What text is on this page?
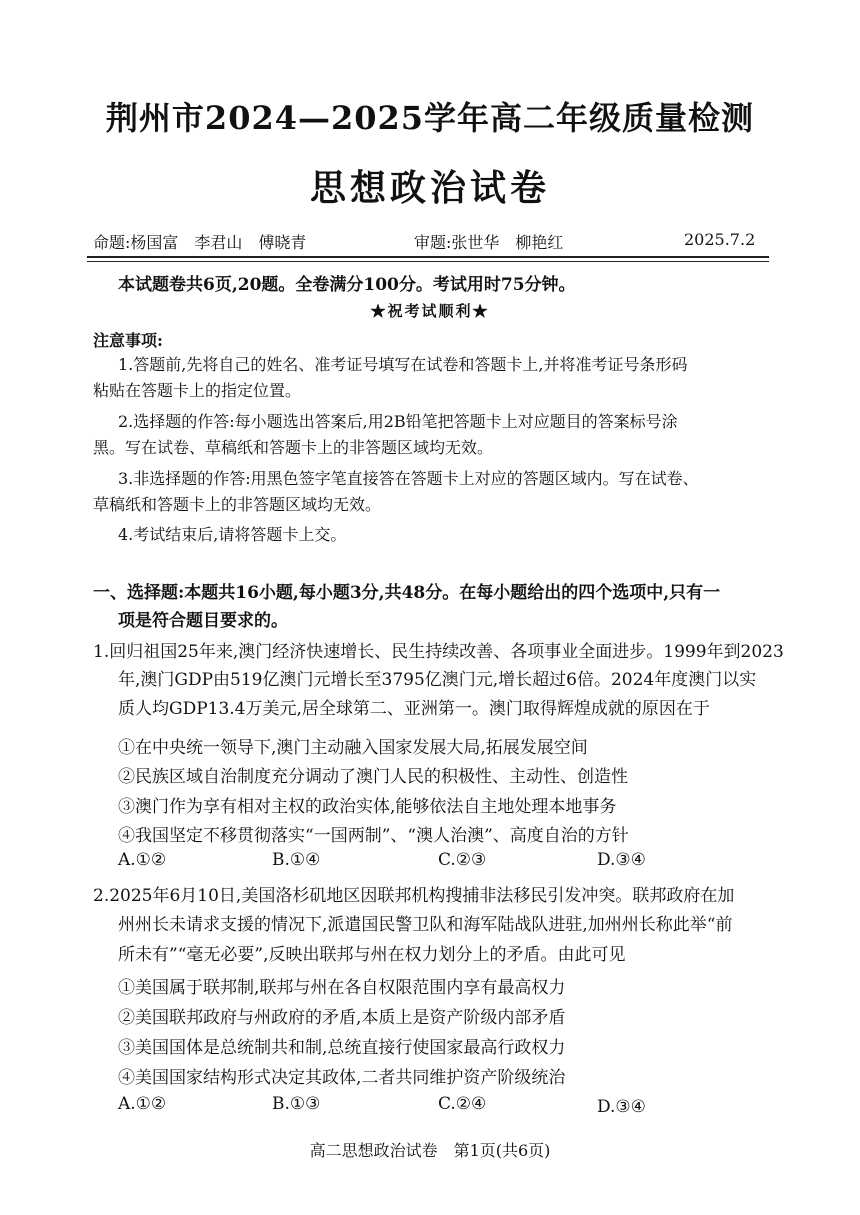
荆州市2024—2025学年高二年级质量检测
思想政治试卷
命题:杨国富　李君山　傅晓青	审题:张世华　柳艳红	2025.7.2
本试题卷共6页,20题。全卷满分100分。考试用时75分钟。
★祝考试顺利★
注意事项:
1.答题前,先将自己的姓名、准考证号填写在试卷和答题卡上,并将准考证号条形码
粘贴在答题卡上的指定位置。
2.选择题的作答:每小题选出答案后,用2B铅笔把答题卡上对应题目的答案标号涂
黑。写在试卷、草稿纸和答题卡上的非答题区域均无效。
3.非选择题的作答:用黑色签字笔直接答在答题卡上对应的答题区域内。写在试卷、
草稿纸和答题卡上的非答题区域均无效。
4.考试结束后,请将答题卡上交。
一、选择题:本题共16小题,每小题3分,共48分。在每小题给出的四个选项中,只有一
项是符合题目要求的。
1.回归祖国25年来,澳门经济快速增长、民生持续改善、各项事业全面进步。1999年到2023
年,澳门GDP由519亿澳门元增长至3795亿澳门元,增长超过6倍。2024年度澳门以实
质人均GDP13.4万美元,居全球第二、亚洲第一。澳门取得辉煌成就的原因在于
①在中央统一领导下,澳门主动融入国家发展大局,拓展发展空间
②民族区域自治制度充分调动了澳门人民的积极性、主动性、创造性
③澳门作为享有相对主权的政治实体,能够依法自主地处理本地事务
④我国坚定不移贯彻落实“一国两制”、“澳人治澳”、高度自治的方针
A.①②	B.①④	C.②③	D.③④
2.2025年6月10日,美国洛杉矶地区因联邦机构搜捕非法移民引发冲突。联邦政府在加
州州长未请求支援的情况下,派遣国民警卫队和海军陆战队进驻,加州州长称此举“前
所未有”“毫无必要”,反映出联邦与州在权力划分上的矛盾。由此可见
①美国属于联邦制,联邦与州在各自权限范围内享有最高权力
②美国联邦政府与州政府的矛盾,本质上是资产阶级内部矛盾
③美国国体是总统制共和制,总统直接行使国家最高行政权力
④美国国家结构形式决定其政体,二者共同维护资产阶级统治
A.①②	B.①③	C.②④	D.③④
高二思想政治试卷　第1页(共6页)
